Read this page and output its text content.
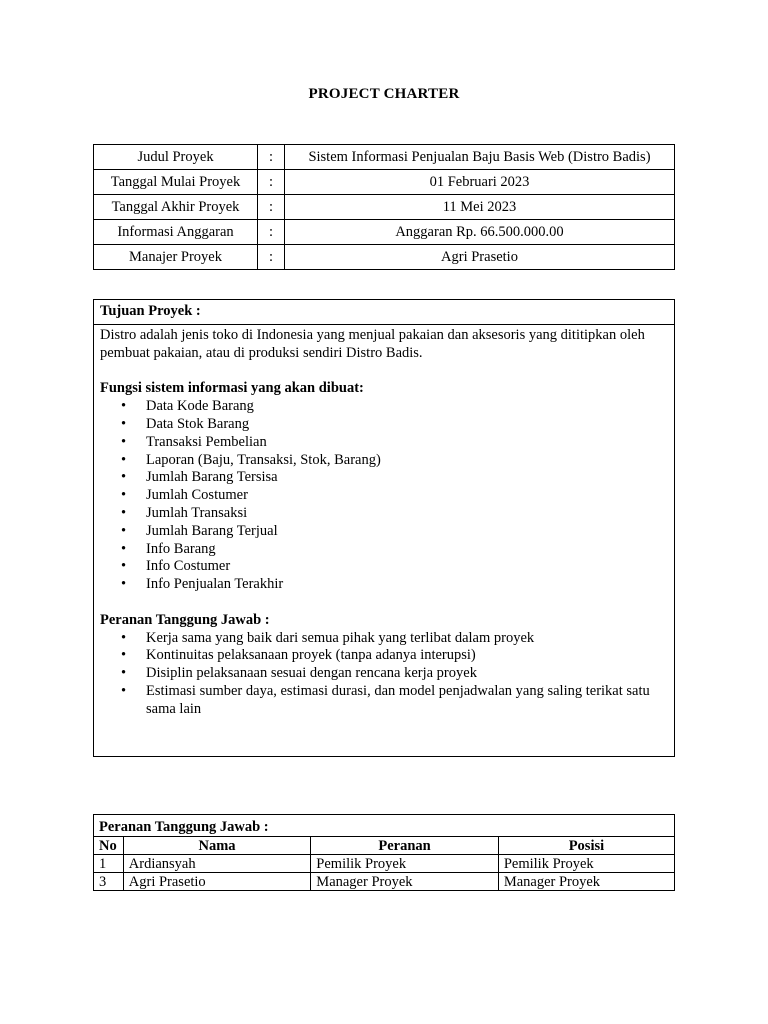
PROJECT CHARTER
Judul Proyek	:	Sistem Informasi Penjualan Baju Basis Web (Distro Badis)
Tanggal Mulai Proyek	:	01 Februari 2023
Tanggal Akhir Proyek	:	11 Mei 2023
Informasi Anggaran	:	Anggaran Rp. 66.500.000.00
Manajer Proyek	:	Agri Prasetio
Tujuan Proyek :
Distro adalah jenis toko di Indonesia yang menjual pakaian dan aksesoris yang dititipkan oleh pembuat pakaian, atau di produksi sendiri Distro Badis.
Fungsi sistem informasi yang akan dibuat:
• Data Kode Barang
• Data Stok Barang
• Transaksi Pembelian
• Laporan (Baju, Transaksi, Stok, Barang)
• Jumlah Barang Tersisa
• Jumlah Costumer
• Jumlah Transaksi
• Jumlah Barang Terjual
• Info Barang
• Info Costumer
• Info Penjualan Terakhir
Peranan Tanggung Jawab :
• Kerja sama yang baik dari semua pihak yang terlibat dalam proyek
• Kontinuitas pelaksanaan proyek (tanpa adanya interupsi)
• Disiplin pelaksanaan sesuai dengan rencana kerja proyek
• Estimasi sumber daya, estimasi durasi, dan model penjadwalan yang saling terikat satu sama lain
Peranan Tanggung Jawab :			
No	Nama	Peranan	Posisi
1	Ardiansyah	Pemilik Proyek	Pemilik Proyek
3	Agri Prasetio	Manager Proyek	Manager Proyek
